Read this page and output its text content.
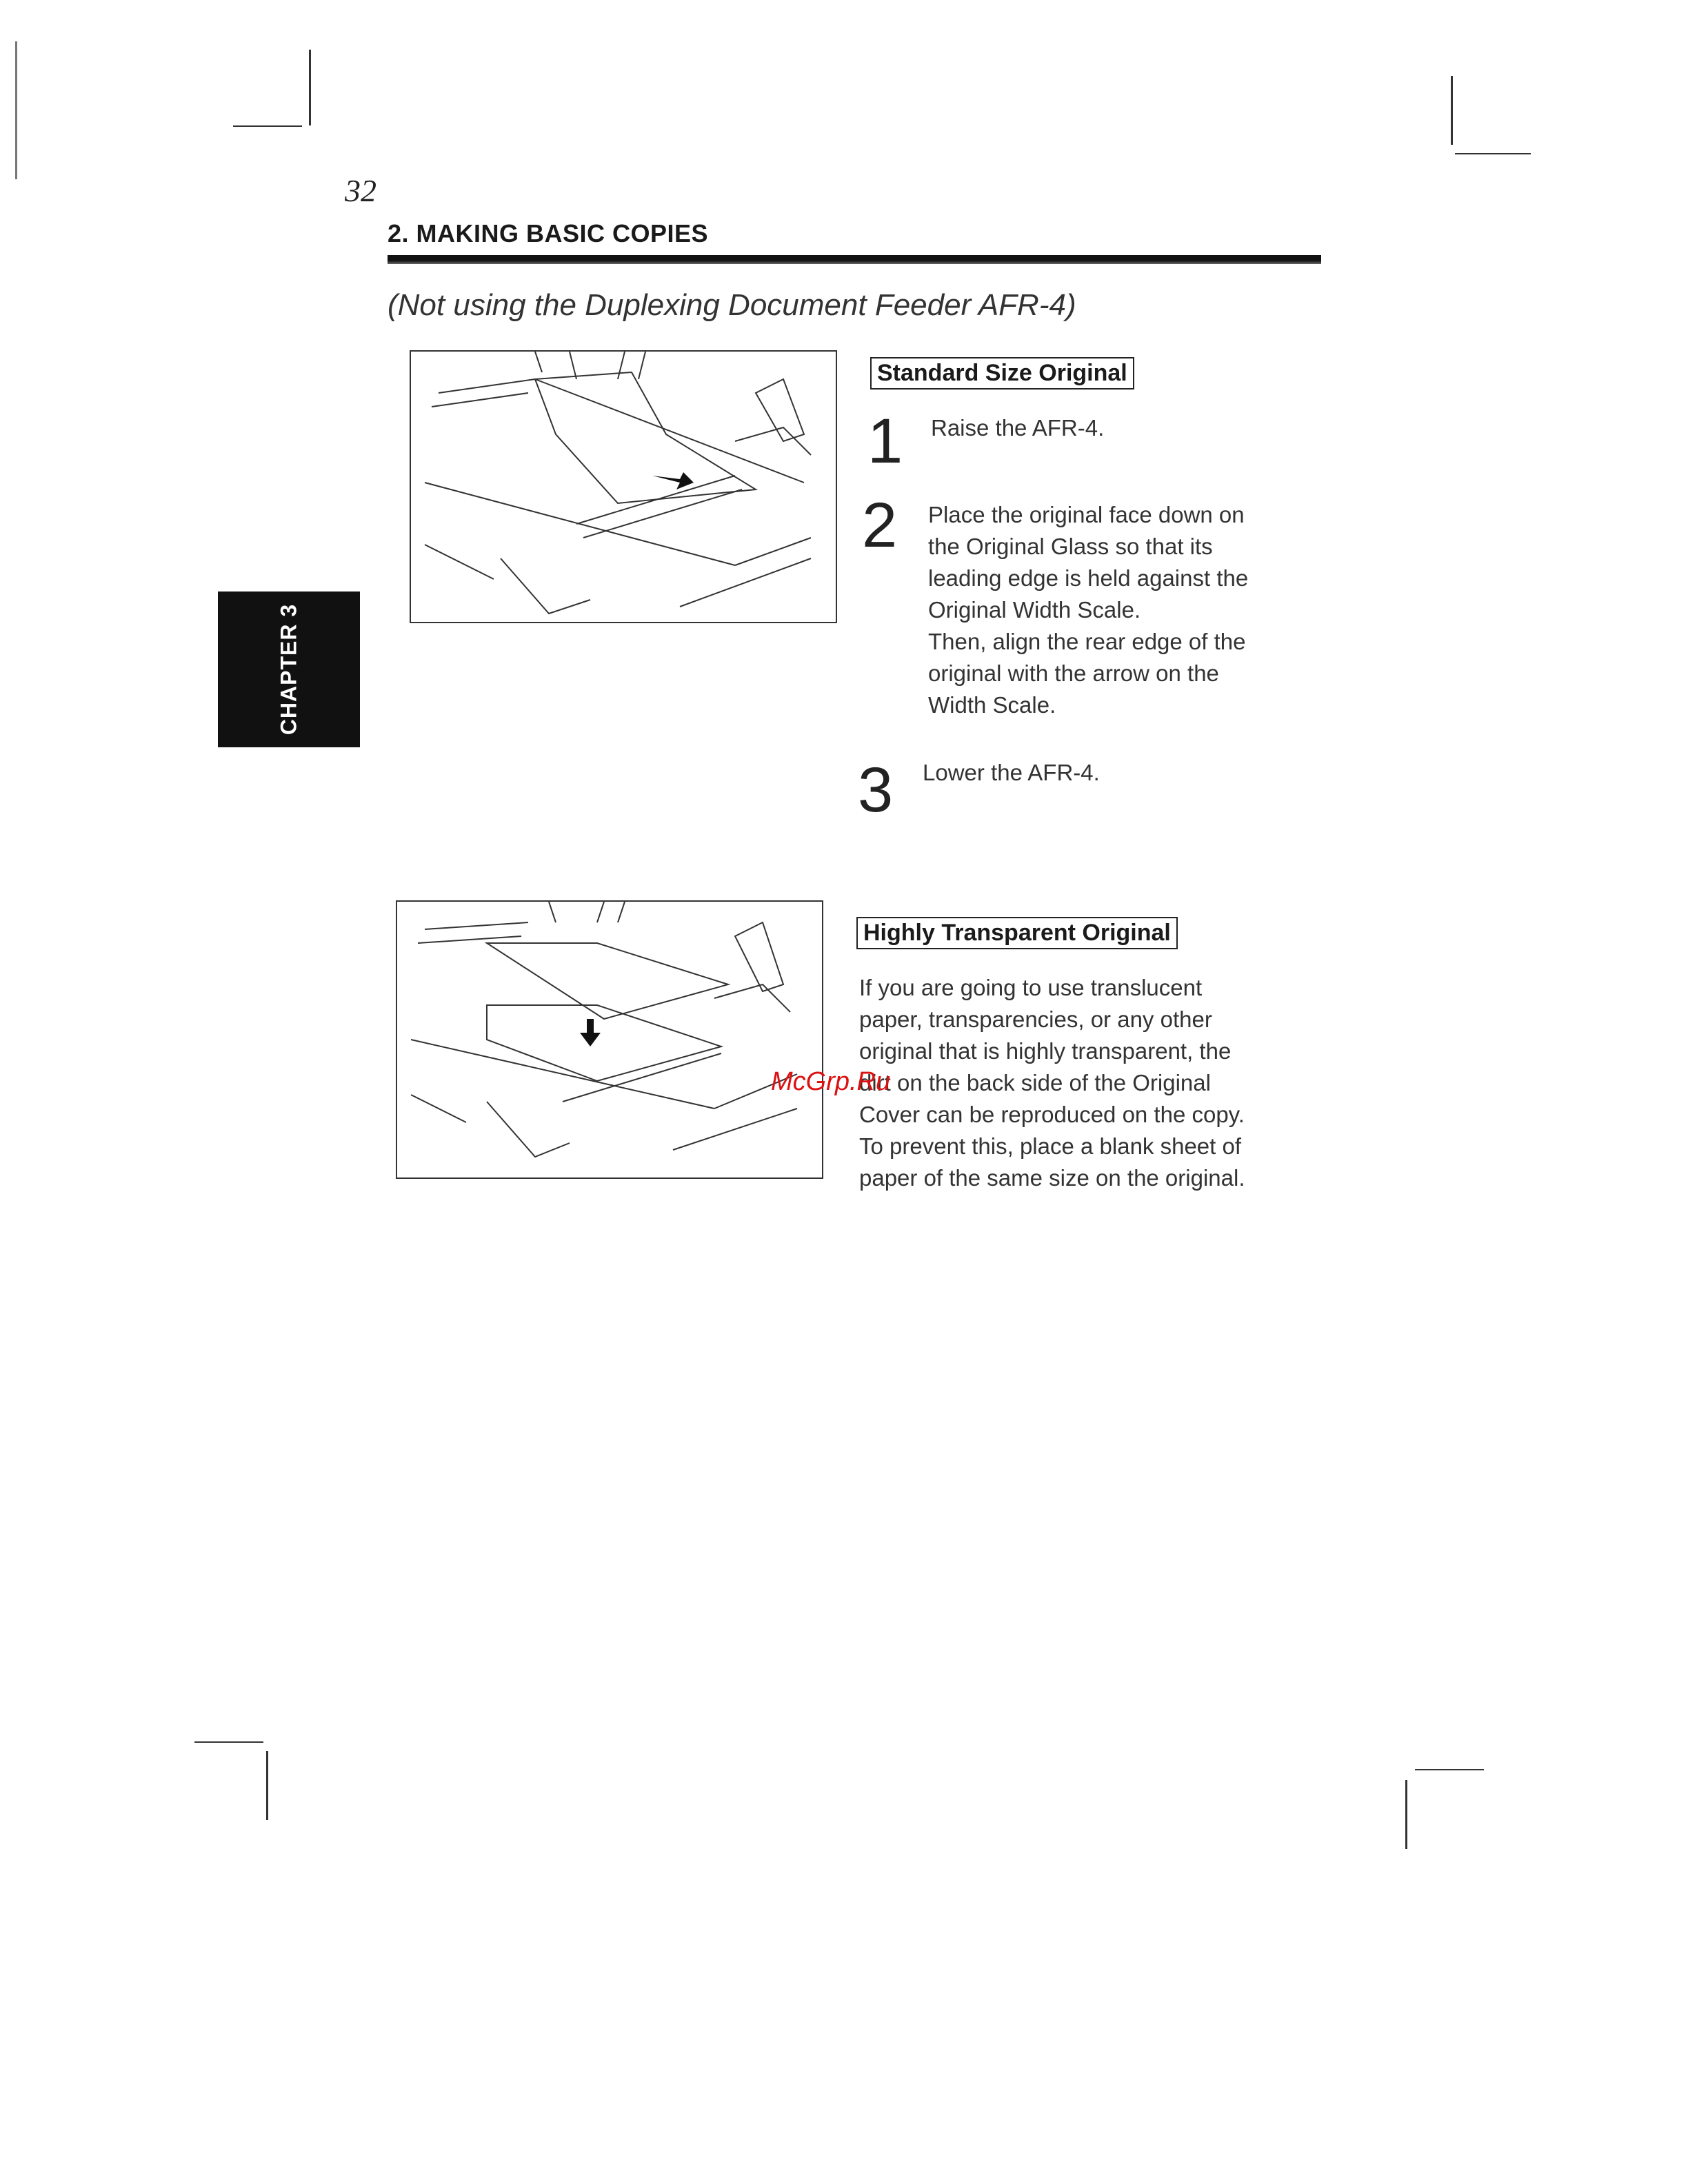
32
2. MAKING BASIC COPIES
(Not using the Duplexing Document Feeder AFR-4)
CHAPTER 3
Standard Size Original
1 Raise the AFR-4.
2 Place the original face down on
the Original Glass so that its
leading edge is held against the
Original Width Scale.
Then, align the rear edge of the
original with the arrow on the
Width Scale.
3 Lower the AFR-4.
Highly Transparent Original
If you are going to use translucent
paper, transparencies, or any other
original that is highly transparent, the
dirt on the back side of the Original
Cover can be reproduced on the copy.
To prevent this, place a blank sheet of
paper of the same size on the original.
McGrp.Ru
